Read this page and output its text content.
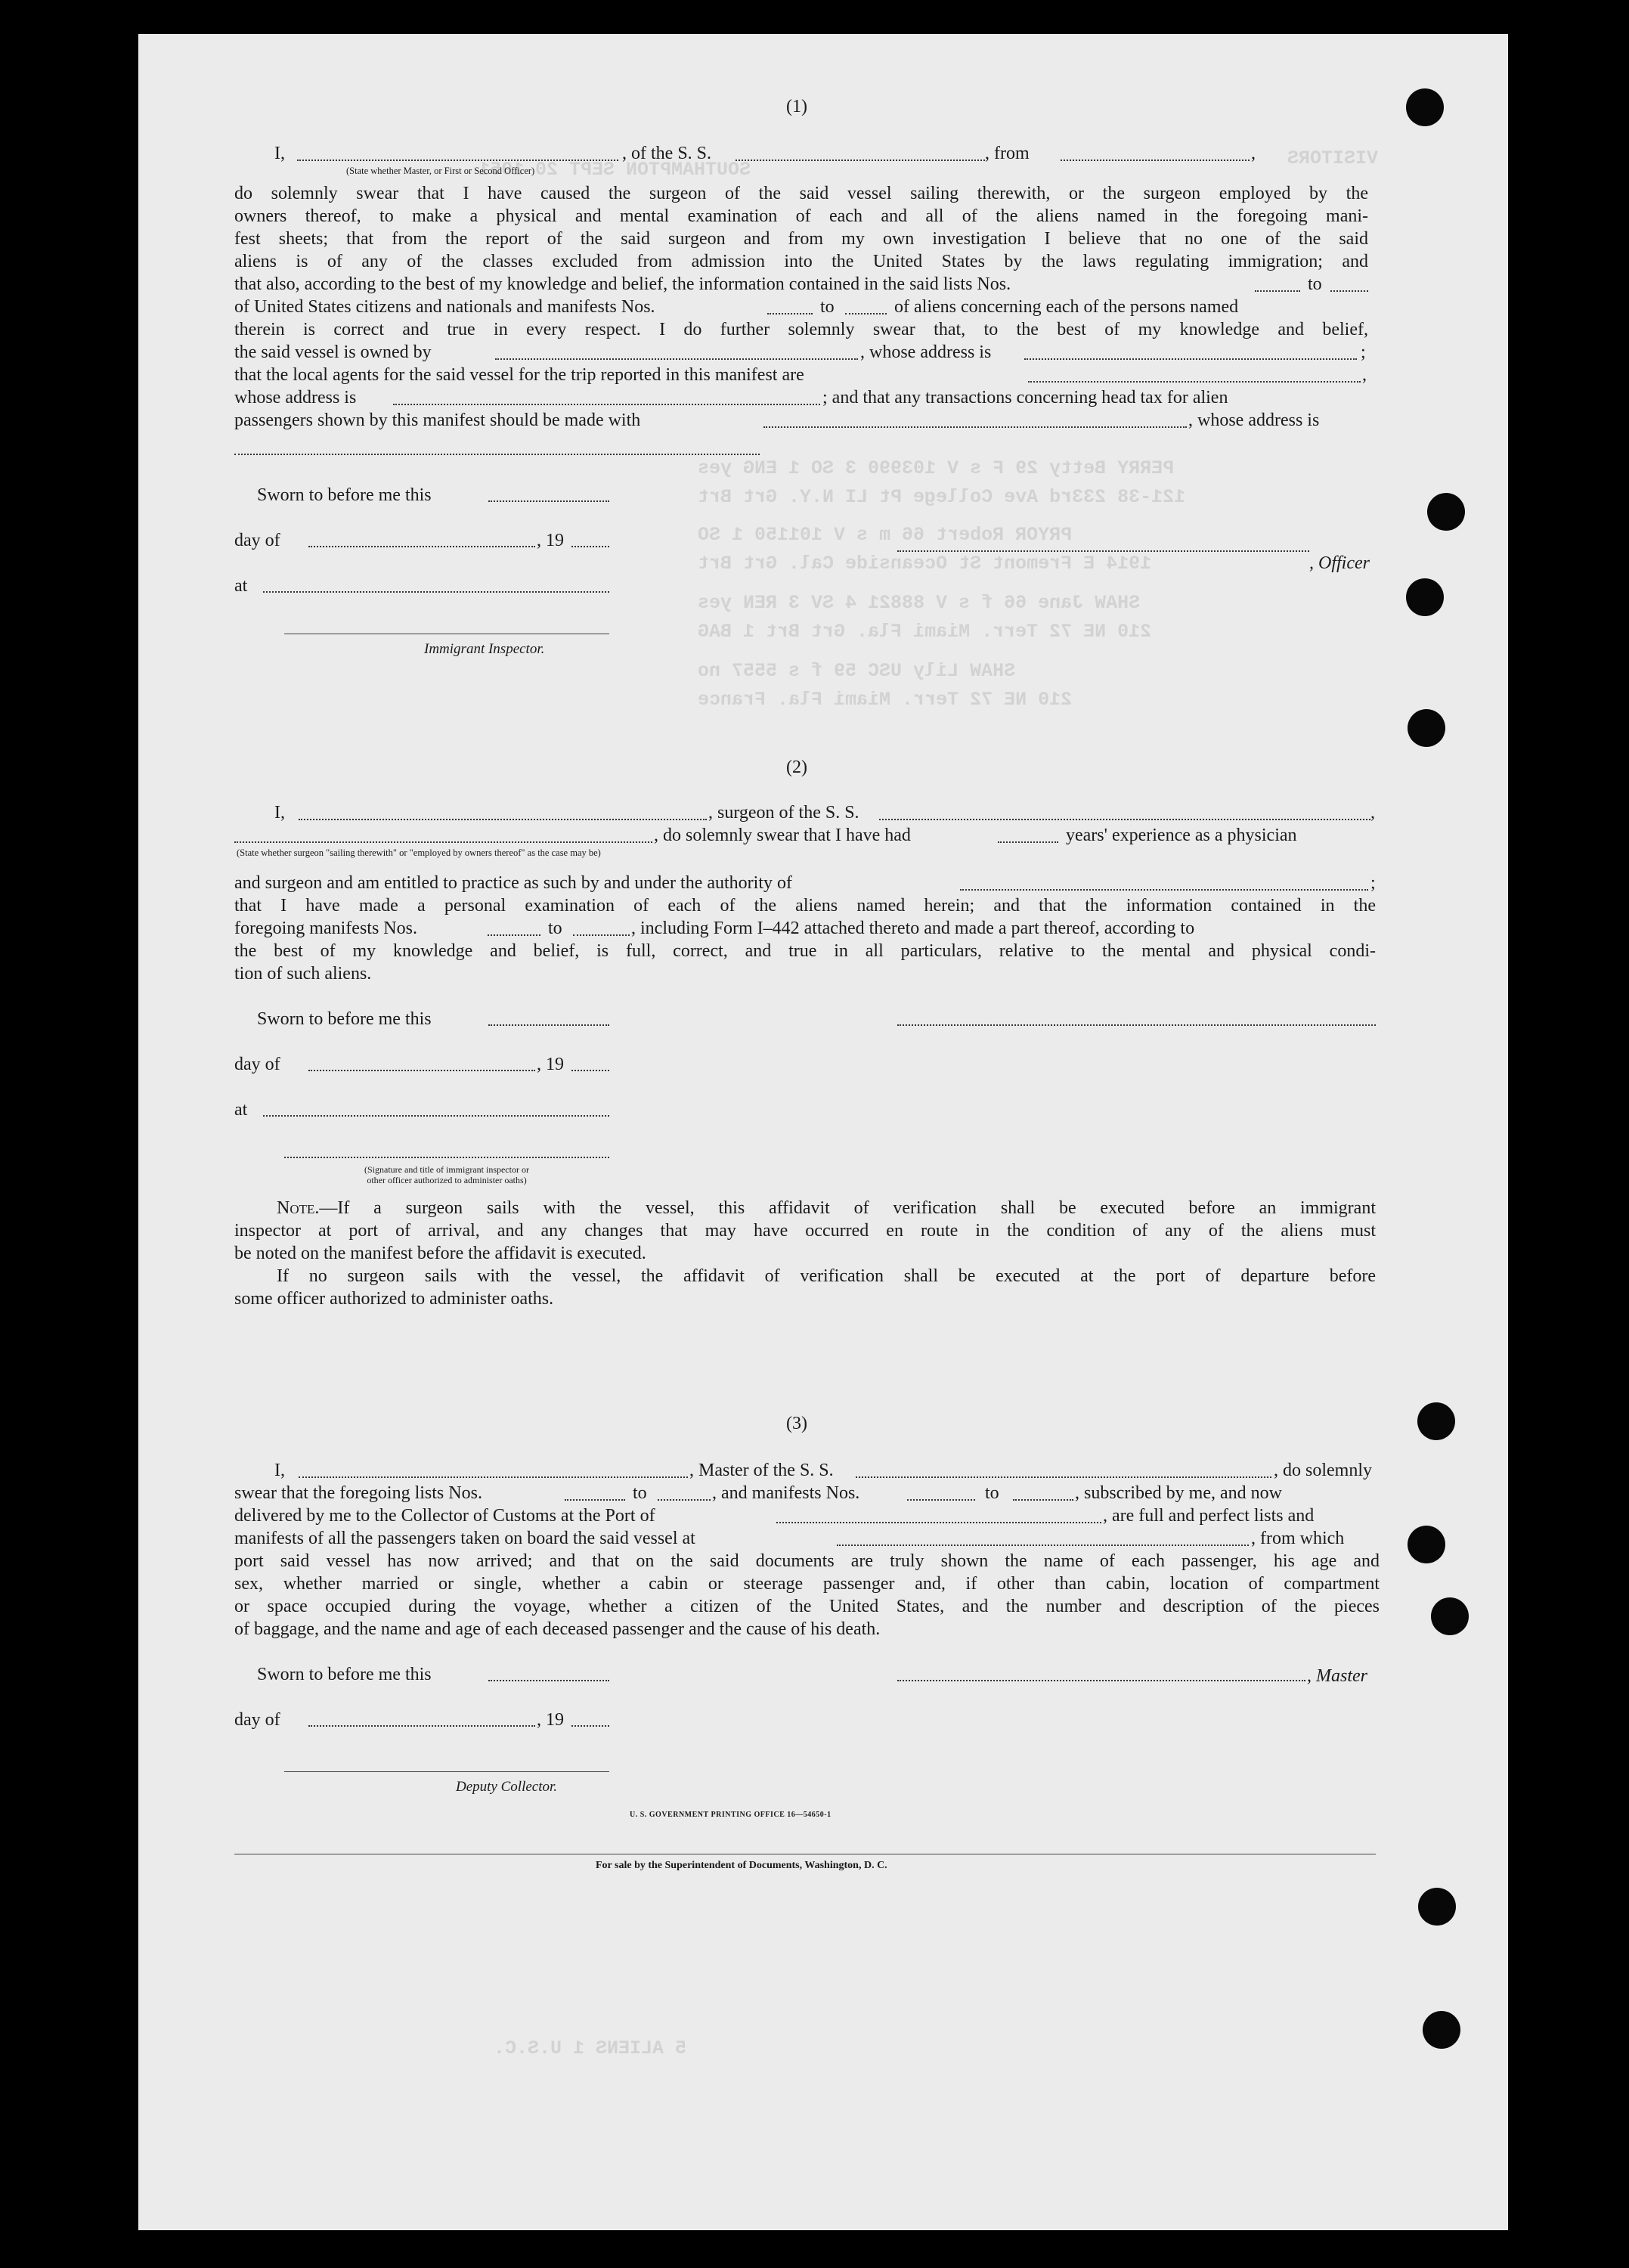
VISITORS
SOUTHAMPTON SEPT 20 1951
PERRY Betty 29 F s V 103990 3 SO 1 ENG yes
121-38 233rd Ave College Pt LI N.Y. Grt Brt
PRYOR Robert 66 m s V 101150 1 SO
1914 E Fremont St Oceanside Cal. Grt Brt
SHAW Jane 66 f s V 88821 4 SV 3 REN yes
210 NE 72 Terr. Miami Fla. Grt Brt 1 BAG
SHAW Lily USC 59 f s 5557 no
210 NE 72 Terr. Miami Fla. France
5 ALIENS 1 U.S.C.
(1)
I,	, of the S. S.	, from	,
(State whether Master, or First or Second Officer)
do solemnly swear that I have caused the surgeon of the said vessel sailing therewith, or the surgeon employed by the
owners thereof, to make a physical and mental examination of each and all of the aliens named in the foregoing mani-
fest sheets; that from the report of the said surgeon and from my own investigation I believe that no one of the said
aliens is of any of the classes excluded from admission into the United States by the laws regulating immigration; and
that also, according to the best of my knowledge and belief, the information contained in the said lists Nos.	to
of United States citizens and nationals and manifests Nos.	to	of aliens concerning each of the persons named
therein is correct and true in every respect. I do further solemnly swear that, to the best of my knowledge and belief,
the said vessel is owned by	, whose address is	;
that the local agents for the said vessel for the trip reported in this manifest are	,
whose address is	; and that any transactions concerning head tax for alien
passengers shown by this manifest should be made with	, whose address is
Sworn to before me this
day of	, 19
, Officer
at
Immigrant Inspector.
(2)
I,	, surgeon of the S. S.	,
, do solemnly swear that I have had	years' experience as a physician
(State whether surgeon "sailing therewith" or "employed by owners thereof" as the case may be)
and surgeon and am entitled to practice as such by and under the authority of	;
that I have made a personal examination of each of the aliens named herein; and that the information contained in the
foregoing manifests Nos.	to	, including Form I–442 attached thereto and made a part thereof, according to
the best of my knowledge and belief, is full, correct, and true in all particulars, relative to the mental and physical condi-
tion of such aliens.
Sworn to before me this
day of	, 19
at
(Signature and title of immigrant inspector or
other officer authorized to administer oaths)
Note.—If a surgeon sails with the vessel, this affidavit of verification shall be executed before an immigrant
inspector at port of arrival, and any changes that may have occurred en route in the condition of any of the aliens must
be noted on the manifest before the affidavit is executed.
If no surgeon sails with the vessel, the affidavit of verification shall be executed at the port of departure before
some officer authorized to administer oaths.
(3)
I,	, Master of the S. S.	, do solemnly
swear that the foregoing lists Nos.	to	, and manifests Nos.	to	, subscribed by me, and now
delivered by me to the Collector of Customs at the Port of	, are full and perfect lists and
manifests of all the passengers taken on board the said vessel at	, from which
port said vessel has now arrived; and that on the said documents are truly shown the name of each passenger, his age and
sex, whether married or single, whether a cabin or steerage passenger and, if other than cabin, location of compartment
or space occupied during the voyage, whether a citizen of the United States, and the number and description of the pieces
of baggage, and the name and age of each deceased passenger and the cause of his death.
Sworn to before me this	, Master
day of	, 19
Deputy Collector.
U. S. GOVERNMENT PRINTING OFFICE 16—54650-1
For sale by the Superintendent of Documents, Washington, D. C.
